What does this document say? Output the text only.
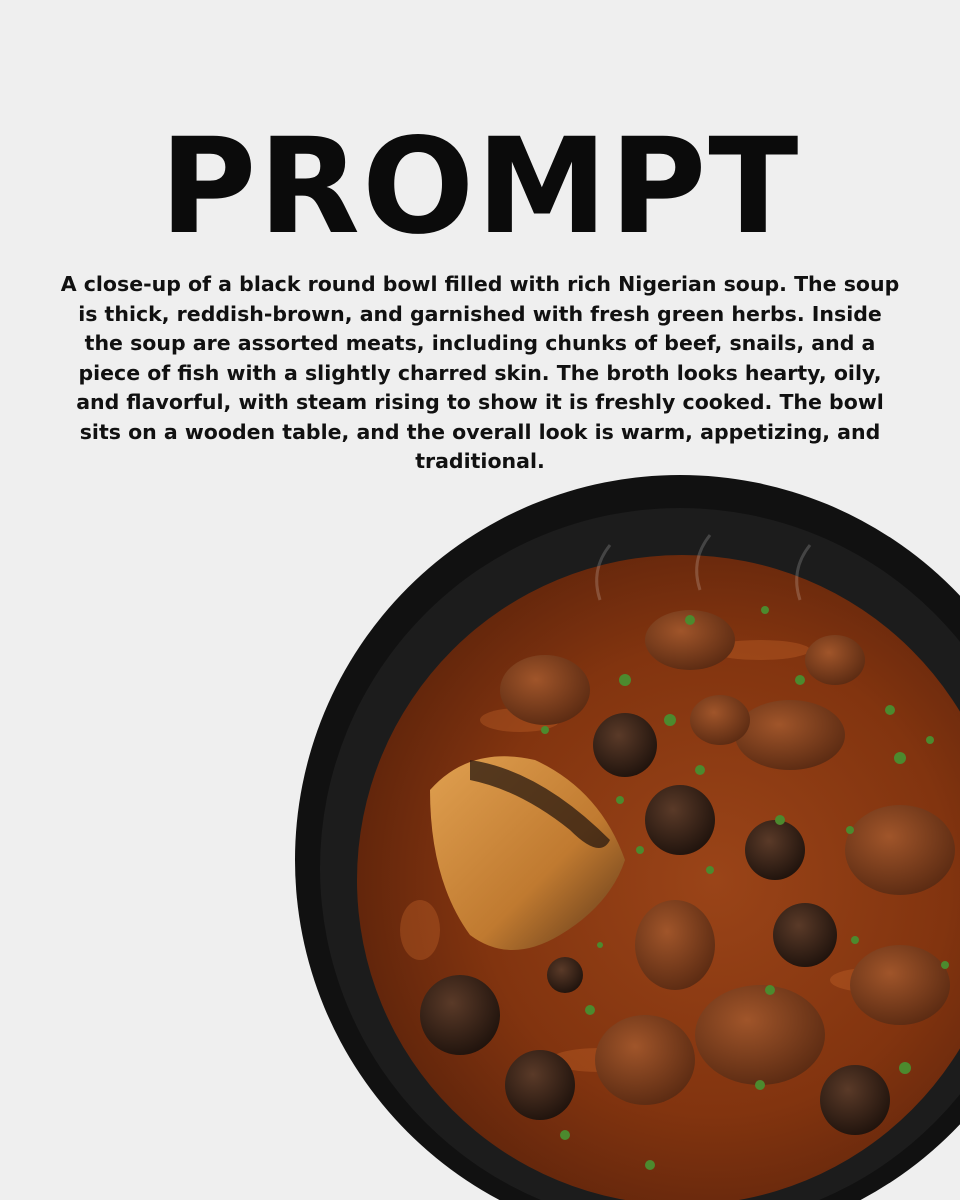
PROMPT

A close-up of a black round bowl filled with rich Nigerian soup. The soup is thick, reddish-brown, and garnished with fresh green herbs. Inside the soup are assorted meats, including chunks of beef, snails, and a piece of fish with a slightly charred skin. The broth looks hearty, oily, and flavorful, with steam rising to show it is freshly cooked. The bowl sits on a wooden table, and the overall look is warm, appetizing, and traditional.
